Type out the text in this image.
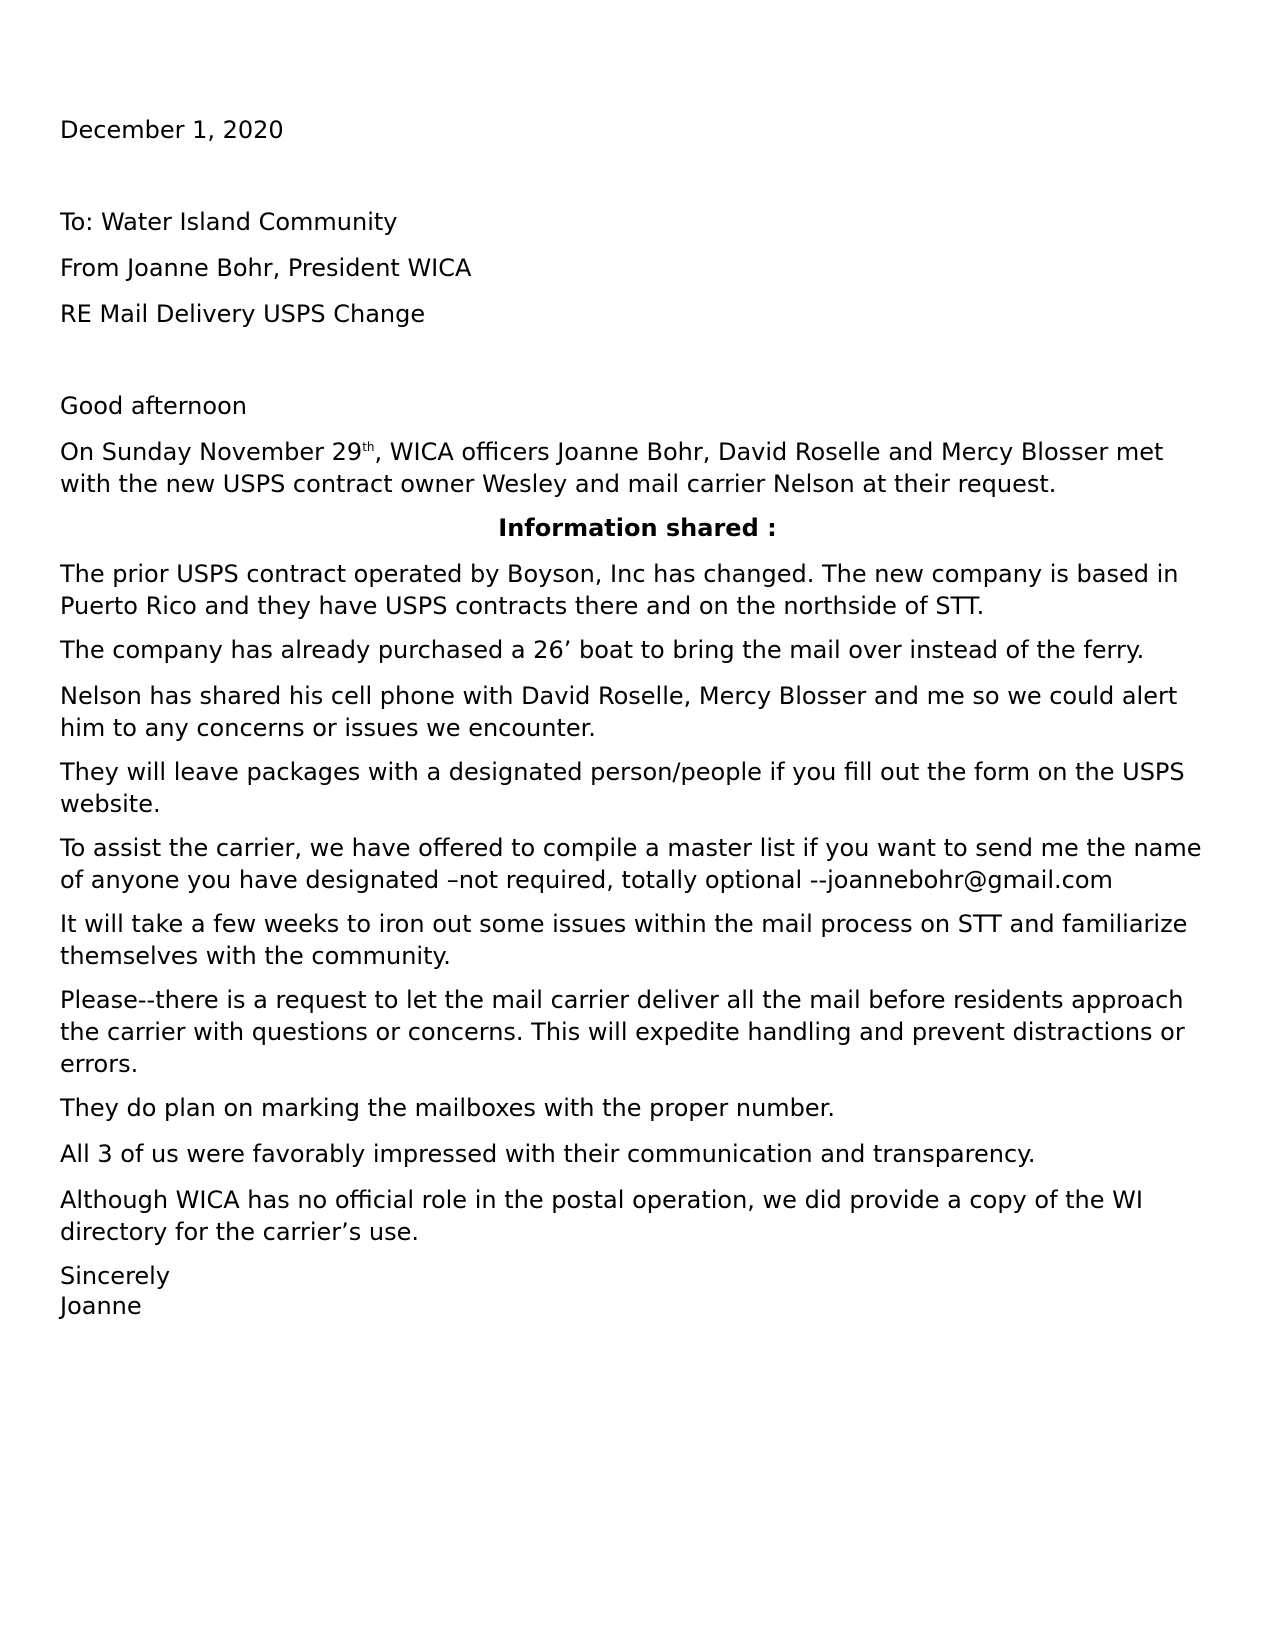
December 1, 2020

To: Water Island Community

From Joanne Bohr, President WICA

RE Mail Delivery USPS Change

Good afternoon

On Sunday November 29th, WICA officers Joanne Bohr, David Roselle and Mercy Blosser met with the new USPS contract owner Wesley and mail carrier Nelson at their request.

Information shared :

The prior USPS contract operated by Boyson, Inc has changed. The new company is based in Puerto Rico and they have USPS contracts there and on the northside of STT.

The company has already purchased a 26’ boat to bring the mail over instead of the ferry.

Nelson has shared his cell phone with David Roselle, Mercy Blosser and me so we could alert him to any concerns or issues we encounter.

They will leave packages with a designated person/people if you fill out the form on the USPS website.

To assist the carrier, we have offered to compile a master list if you want to send me the name of anyone you have designated –not required, totally optional --joannebohr@gmail.com

It will take a few weeks to iron out some issues within the mail process on STT and familiarize themselves with the community.

Please--there is a request to let the mail carrier deliver all the mail before residents approach the carrier with questions or concerns. This will expedite handling and prevent distractions or errors.

They do plan on marking the mailboxes with the proper number.

All 3 of us were favorably impressed with their communication and transparency.

Although WICA has no official role in the postal operation, we did provide a copy of the WI directory for the carrier’s use.

Sincerely

Joanne
